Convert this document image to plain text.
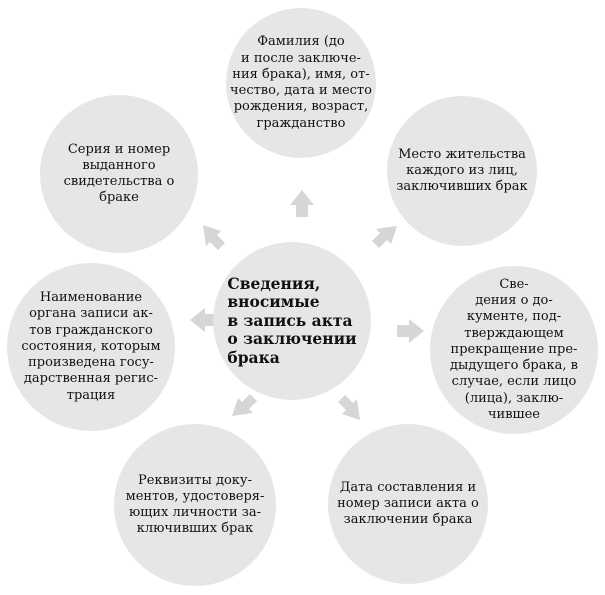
Сведения,
вносимые
в запись акта
о заключении
брака
Фамилия (до
и после заключе-
ния брака), имя, от-
чество, дата и место
рождения, возраст,
гражданство
Место жительства
каждого из лиц,
заключивших брак
Све-
дения о до-
кументе, под-
тверждающем
прекращение пре-
дыдущего брака, в
случае, если лицо
(лица), заклю-
чившее
Дата составления и
номер записи акта о
заключении брака
Реквизиты доку-
ментов, удостоверя-
ющих личности за-
ключивших брак
Наименование
органа записи ак-
тов гражданского
состояния, которым
произведена госу-
дарственная регис-
трация
Серия и номер
выданного
свидетельства о
браке
